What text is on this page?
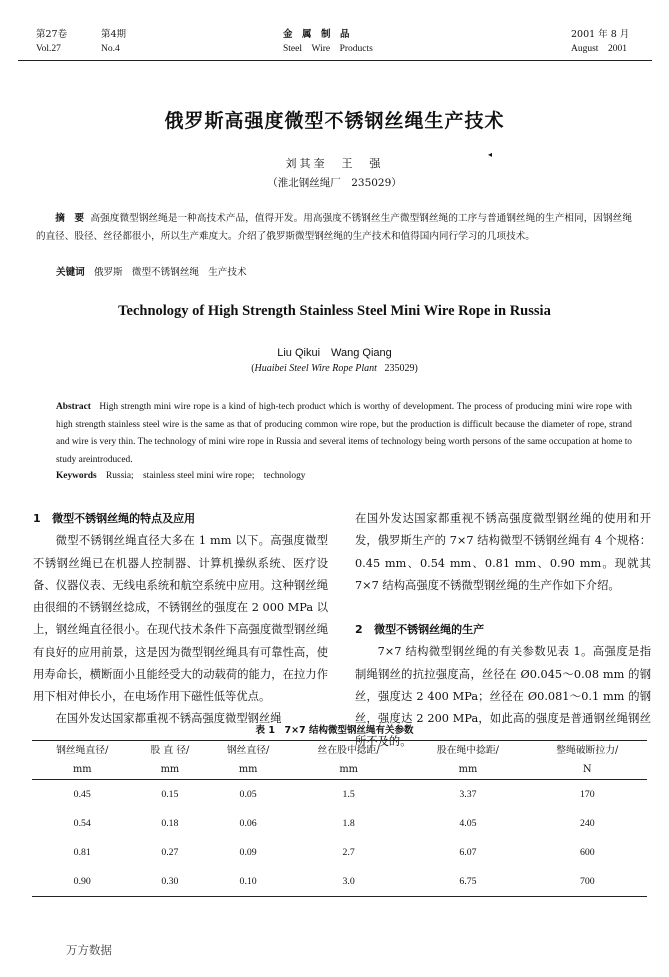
第27卷	第4期
Vol.27	No.4
金　属　制　品
Steel　Wire　Products
2001 年 8 月
August　2001
俄罗斯高强度微型不锈钢丝绳生产技术
刘其奎　王　强
◂
（淮北钢丝绳厂　235029）
摘　要 高强度微型钢丝绳是一种高技术产品，值得开发。用高强度不锈钢丝生产微型钢丝绳的工序与普通钢丝绳的生产相同，因钢丝绳的直径、股径、丝径都很小，所以生产难度大。介绍了俄罗斯微型钢丝绳的生产技术和值得国内同行学习的几项技术。
关键词 俄罗斯 微型不锈钢丝绳 生产技术
Technology of High Strength Stainless Steel Mini Wire Rope in Russia
Liu Qikui　Wang Qiang
(Huaibei Steel Wire Rope Plant 235029)
Abstract High strength mini wire rope is a kind of high-tech product which is worthy of development. The process of producing mini wire rope with high strength stainless steel wire is the same as that of producing common wire rope, but the production is difficult because the diameter of rope, strand and wire is very thin. The technology of mini wire rope in Russia and several items of technology being worth persons of the same occupation at home to study areintroduced.
Keywords Russia; stainless steel mini wire rope; technology
1 微型不锈钢丝绳的特点及应用

微型不锈钢丝绳直径大多在 1 mm 以下。高强度微型不锈钢丝绳已在机器人控制器、计算机操纵系统、医疗设备、仪器仪表、无线电系统和航空系统中应用。这种钢丝绳由很细的不锈钢丝捻成，不锈钢丝的强度在 2 000 MPa 以上，钢丝绳直径很小。在现代技术条件下高强度微型钢丝绳有良好的应用前景，这是因为微型钢丝绳具有可靠性高，使用寿命长，横断面小且能经受大的动载荷的能力，在拉力作用下相对伸长小，在电场作用下磁性低等优点。

在国外发达国家都重视不锈高强度微型钢丝绳

在国外发达国家都重视不锈高强度微型钢丝绳的使用和开发，俄罗斯生产的 7×7 结构微型不锈钢丝绳有 4 个规格：0.45 mm、0.54 mm、0.81 mm、0.90 mm。现就其 7×7 结构高强度不锈微型钢丝绳的生产作如下介绍。

2 微型不锈钢丝绳的生产

7×7 结构微型钢丝绳的有关参数见表 1。高强度是指制绳钢丝的抗拉强度高，丝径在 Ø0.045～0.08 mm 的钢丝，强度达 2 400 MPa；丝径在 Ø0.081～0.1 mm 的钢丝，强度达 2 200 MPa，如此高的强度是普通钢丝绳钢丝所不及的。

表 1　7×7 结构微型钢丝绳有关参数
钢丝绳直径/	股 直 径/	钢丝直径/	丝在股中捻距/	股在绳中捻距/	整绳破断拉力/
mm	mm	mm	mm	mm	N
0.45	0.15	0.05	1.5	3.37	170
0.54	0.18	0.06	1.8	4.05	240
0.81	0.27	0.09	2.7	6.07	600
0.90	0.30	0.10	3.0	6.75	700
万方数据
